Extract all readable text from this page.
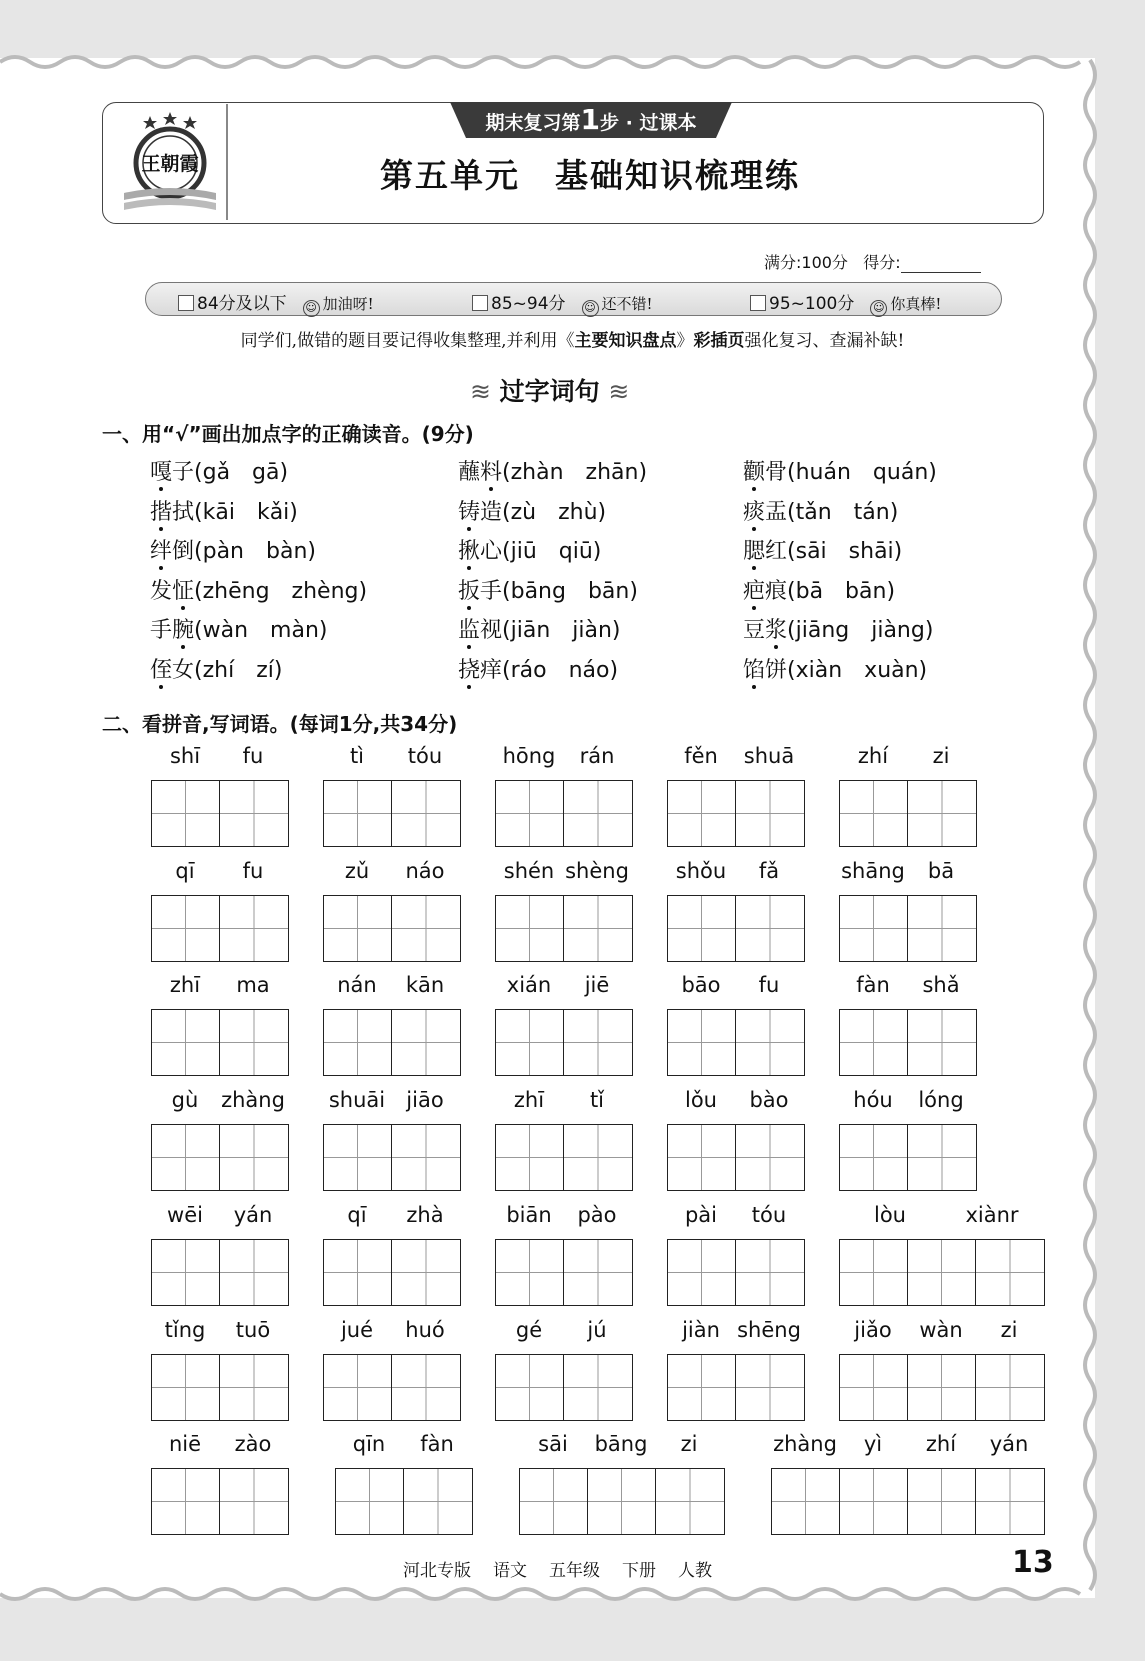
王朝霞
期末复习第1步 · 过课本
第五单元　基础知识梳理练
满分:100分 得分:
84分及以下 ☺ 加油呀!	85~94分 ☺ 还不错!	95~100分 ☺ 你真棒!
同学们,做错的题目要记得收集整理,并利用《主要知识盘点》彩插页强化复习、查漏补缺!
≋ 过字词句 ≋
一、用“√”画出加点字的正确读音。(9分)
嘎子(gǎ　gā)	蘸料(zhàn　zhān)	颧骨(huán　quán)
揩拭(kāi　kǎi)	铸造(zù　zhù)	痰盂(tǎn　tán)
绊倒(pàn　bàn)	揪心(jiū　qiū)	腮红(sāi　shāi)
发怔(zhēng　zhèng)	扳手(bāng　bān)	疤痕(bā　bān)
手腕(wàn　màn)	监视(jiān　jiàn)	豆浆(jiāng　jiàng)
侄女(zhí　zí)	挠痒(ráo　náo)	馅饼(xiàn　xuàn)
二、看拼音,写词语。(每词1分,共34分)
shī	fu	tì	tóu	hōng	rán	fěn	shuā	zhí	zi
qī	fu	zǔ	náo	shén shèng	shǒu	fǎ	shāng	bā
zhī	ma	nán	kān	xián	jiē	bāo	fu	fàn	shǎ
gù	zhàng	shuāi	jiāo	zhī	tǐ	lǒu	bào	hóu	lóng
wēi	yán	qī	zhà	biān	pào	pài	tóu	lòu	xiànr
tǐng	tuō	jué	huó	gé	jú	jiàn shēng	jiǎo	wàn	zi
niē	zào	qīn	fàn	sāi	bāng	zi	zhàng	yì	zhí	yán
河北专版 语文 五年级 下册 人教	13
